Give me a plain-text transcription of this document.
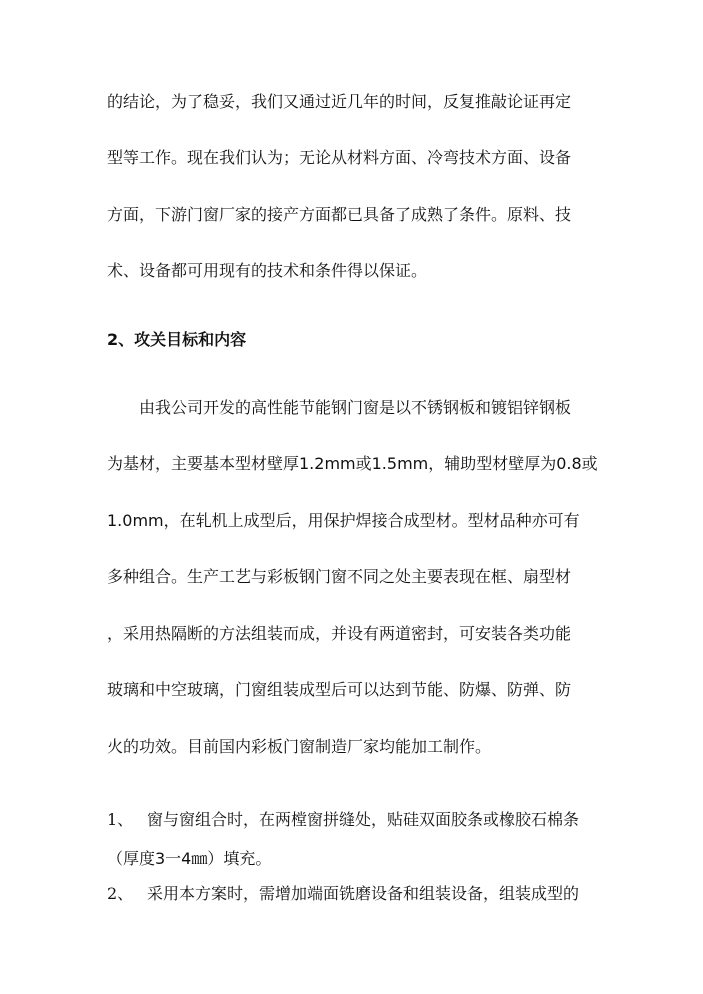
的结论，为了稳妥，我们又通过近几年的时间，反复推敲论证再定
型等工作。现在我们认为；无论从材料方面、冷弯技术方面、设备
方面，下游门窗厂家的接产方面都已具备了成熟了条件。原料、技
术、设备都可用现有的技术和条件得以保证。
2、攻关目标和内容
由我公司开发的高性能节能钢门窗是以不锈钢板和镀铝锌钢板
为基材，主要基本型材壁厚1.2mm或1.5mm，辅助型材壁厚为0.8或
1.0mm，在轧机上成型后，用保护焊接合成型材。型材品种亦可有
多种组合。生产工艺与彩板钢门窗不同之处主要表现在框、扇型材
，采用热隔断的方法组装而成，并设有两道密封，可安装各类功能
玻璃和中空玻璃，门窗组装成型后可以达到节能、防爆、防弹、防
火的功效。目前国内彩板门窗制造厂家均能加工制作。
1、 窗与窗组合时，在两樘窗拼缝处，贴硅双面胶条或橡胶石棉条
（厚度3一4㎜）填充。
2、 采用本方案时，需增加端面铣磨设备和组装设备，组装成型的
